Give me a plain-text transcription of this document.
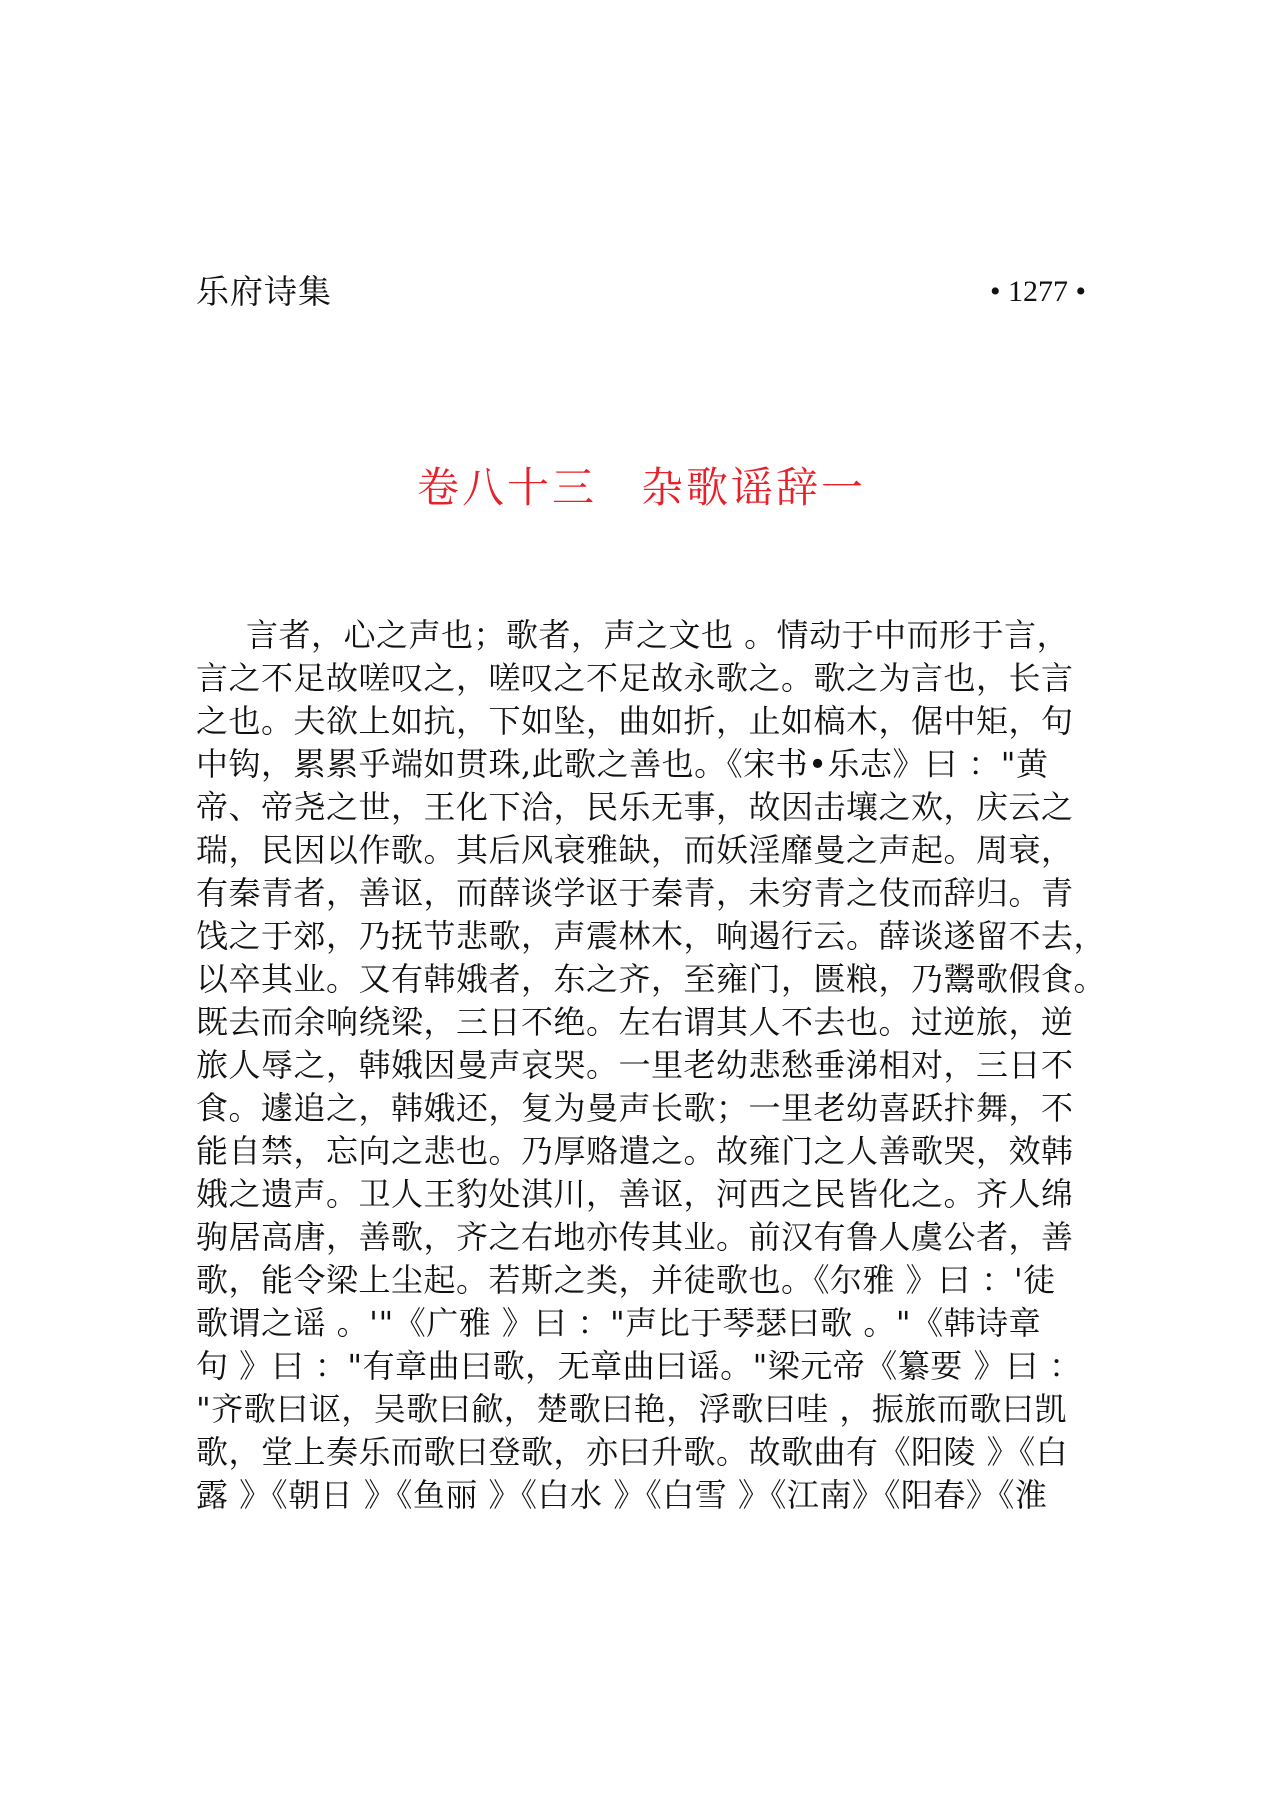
乐府诗集	• 1277 •
卷八十三 杂歌谣辞一
言者，心之声也；歌者，声之文也 。情动于中而形于言，
言之不足故嗟叹之，嗟叹之不足故永歌之。歌之为言也，长言
之也。夫欲上如抗，下如坠，曲如折，止如槁木，倨中矩，句
中钩，累累乎端如贯珠,此歌之善也。《宋书•乐志》曰 ："黄
帝、帝尧之世，王化下洽，民乐无事，故因击壤之欢，庆云之
瑞，民因以作歌。其后风衰雅缺，而妖淫靡曼之声起。周衰，
有秦青者，善讴，而薛谈学讴于秦青，未穷青之伎而辞归。青
饯之于郊，乃抚节悲歌，声震林木，响遏行云。薛谈遂留不去，
以卒其业。又有韩娥者，东之齐，至雍门，匮粮，乃鬻歌假食。
既去而余响绕梁，三日不绝。左右谓其人不去也。过逆旅，逆
旅人辱之，韩娥因曼声哀哭。一里老幼悲愁垂涕相对，三日不
食。遽追之，韩娥还，复为曼声长歌；一里老幼喜跃抃舞，不
能自禁，忘向之悲也。乃厚赂遣之。故雍门之人善歌哭，效韩
娥之遗声。卫人王豹处淇川，善讴，河西之民皆化之。齐人绵
驹居高唐，善歌，齐之右地亦传其业。前汉有鲁人虞公者，善
歌，能令梁上尘起。若斯之类，并徒歌也。《尔雅 》曰 ：'徒
歌谓之谣 。'"《广雅 》曰 ："声比于琴瑟曰歌 。"《韩诗章
句 》曰 ："有章曲曰歌，无章曲曰谣。"梁元帝《纂要 》曰 ：
"齐歌曰讴，吴歌曰歈，楚歌曰艳，浮歌曰哇 ，振旅而歌曰凯
歌，堂上奏乐而歌曰登歌，亦曰升歌。故歌曲有《阳陵 》《白
露 》《朝日 》《鱼丽 》《白水 》《白雪 》《江南》《阳春》《淮
